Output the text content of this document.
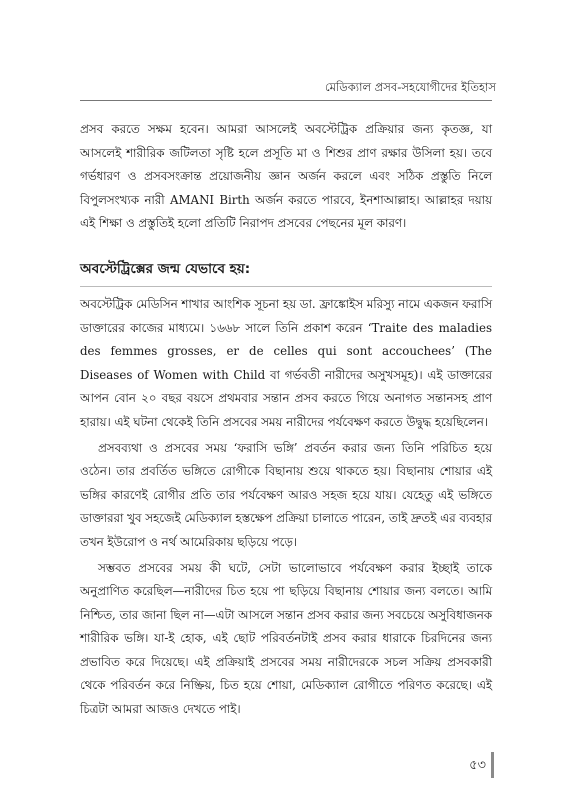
মেডিক্যাল প্রসব-সহযোগীদের ইতিহাস

প্রসব করতে সক্ষম হবেন। আমরা আসলেই অবস্টেট্রিক প্রক্রিয়ার জন্য কৃতজ্ঞ, যা আসলেই শারীরিক জটিলতা সৃষ্টি হলে প্রসূতি মা ও শিশুর প্রাণ রক্ষার উসিলা হয়। তবে গর্ভধারণ ও প্রসবসংক্রান্ত প্রয়োজনীয় জ্ঞান অর্জন করলে এবং সঠিক প্রস্তুতি নিলে বিপুলসংখ্যক নারী AMANI Birth অর্জন করতে পারবে, ইনশাআল্লাহ। আল্লাহর দয়ায় এই শিক্ষা ও প্রস্তুতিই হলো প্রতিটি নিরাপদ প্রসবের পেছনের মূল কারণ।

অবস্টেট্রিক্সের জন্ম যেভাবে হয়:

অবস্টেট্রিক মেডিসিন শাখার আংশিক সূচনা হয় ডা. ফ্রাঙ্কোইস মরিস্যু নামে একজন ফরাসি ডাক্তারের কাজের মাধ্যমে। ১৬৬৮ সালে তিনি প্রকাশ করেন ‘Traite des maladies des femmes grosses, er de celles qui sont accouchees’ (The Diseases of Women with Child বা গর্ভবতী নারীদের অসুখসমূহ)। এই ডাক্তারের আপন বোন ২০ বছর বয়সে প্রথমবার সন্তান প্রসব করতে গিয়ে অনাগত সন্তানসহ প্রাণ হারায়। এই ঘটনা থেকেই তিনি প্রসবের সময় নারীদের পর্যবেক্ষণ করতে উদ্বুদ্ধ হয়েছিলেন।

প্রসবব্যথা ও প্রসবের সময় ‘ফরাসি ভঙ্গি’ প্রবর্তন করার জন্য তিনি পরিচিত হয়ে ওঠেন। তার প্রবর্তিত ভঙ্গিতে রোগীকে বিছানায় শুয়ে থাকতে হয়। বিছানায় শোয়ার এই ভঙ্গির কারণেই রোগীর প্রতি তার পর্যবেক্ষণ আরও সহজ হয়ে যায়। যেহেতু এই ভঙ্গিতে ডাক্তাররা খুব সহজেই মেডিক্যাল হস্তক্ষেপ প্রক্রিয়া চালাতে পারেন, তাই দ্রুতই এর ব্যবহার তখন ইউরোপ ও নর্থ আমেরিকায় ছড়িয়ে পড়ে।

সম্ভবত প্রসবের সময় কী ঘটে, সেটা ভালোভাবে পর্যবেক্ষণ করার ইচ্ছাই তাকে অনুপ্রাণিত করেছিল—নারীদের চিত হয়ে পা ছড়িয়ে বিছানায় শোয়ার জন্য বলতে। আমি নিশ্চিত, তার জানা ছিল না—এটা আসলে সন্তান প্রসব করার জন্য সবচেয়ে অসুবিধাজনক শারীরিক ভঙ্গি। যা-ই হোক, এই ছোট পরিবর্তনটাই প্রসব করার ধারাকে চিরদিনের জন্য প্রভাবিত করে দিয়েছে। এই প্রক্রিয়াই প্রসবের সময় নারীদেরকে সচল সক্রিয় প্রসবকারী থেকে পরিবর্তন করে নিষ্ক্রিয়, চিত হয়ে শোয়া, মেডিক্যাল রোগীতে পরিণত করেছে। এই চিত্রটা আমরা আজও দেখতে পাই।

৫৩
